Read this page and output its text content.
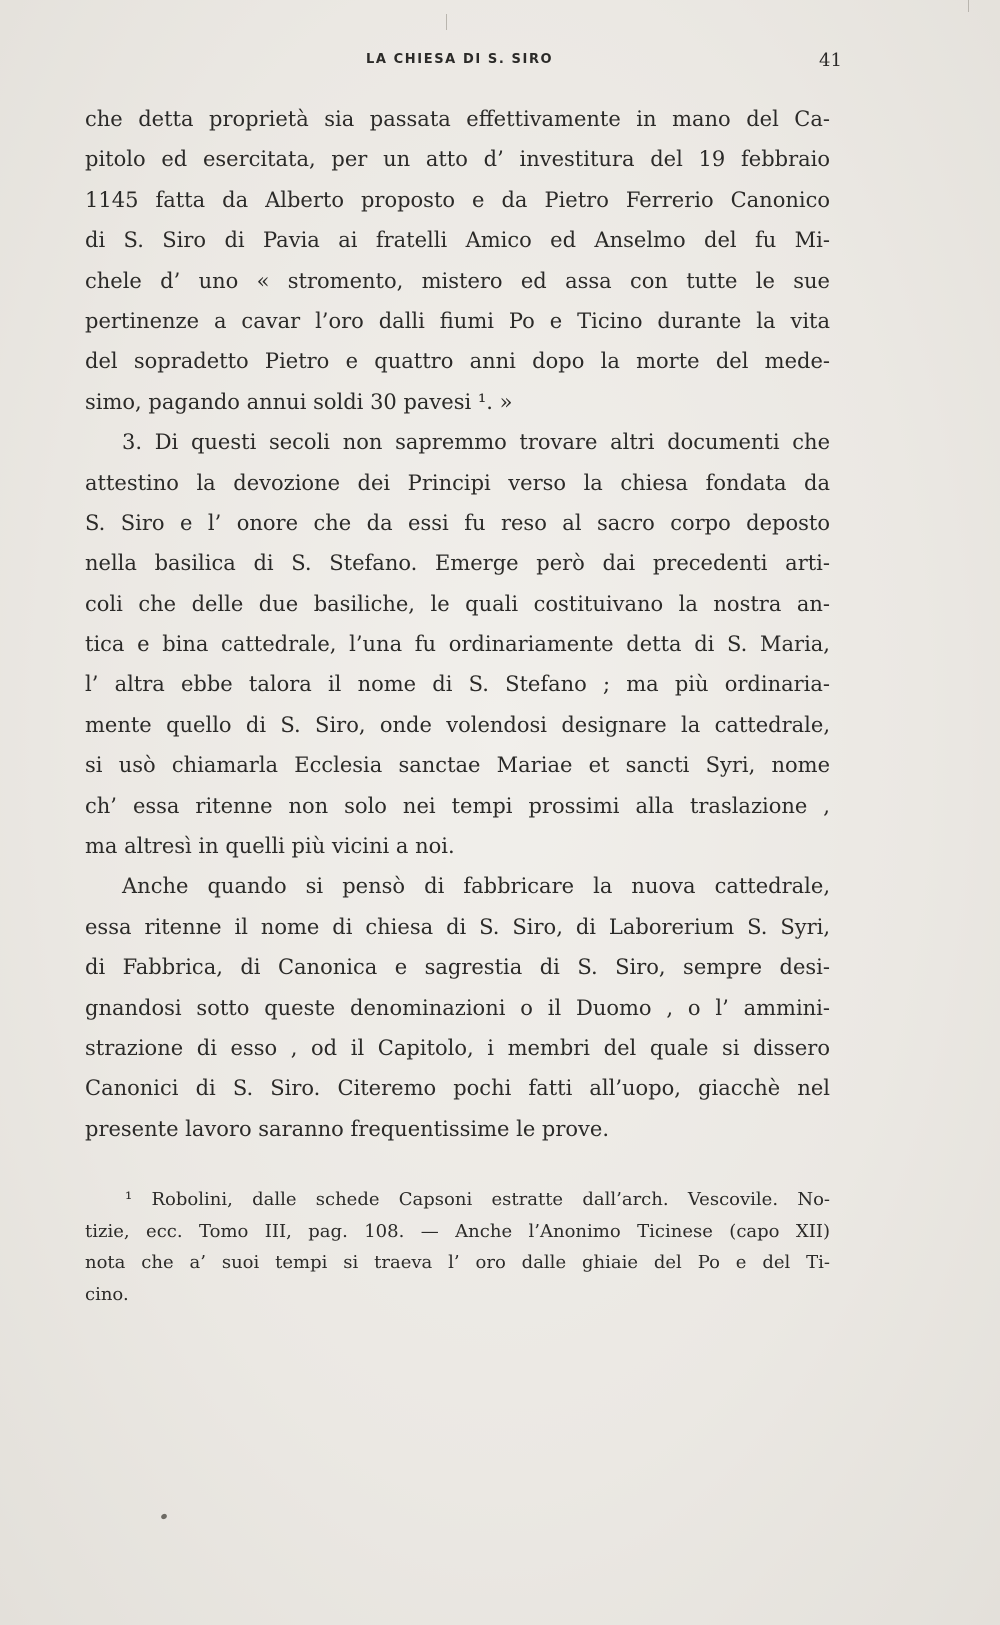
LA CHIESA DI S. SIRO	41
che detta proprietà sia passata effettivamente in mano del Ca-
pitolo ed esercitata, per un atto d’ investitura del 19 febbraio
1145 fatta da Alberto proposto e da Pietro Ferrerio Canonico
di S. Siro di Pavia ai fratelli Amico ed Anselmo del fu Mi-
chele d’ uno « stromento, mistero ed assa con tutte le sue
pertinenze a cavar l’oro dalli fiumi Po e Ticino durante la vita
del sopradetto Pietro e quattro anni dopo la morte del mede-
simo, pagando annui soldi 30 pavesi ¹. »
3. Di questi secoli non sapremmo trovare altri documenti che
attestino la devozione dei Principi verso la chiesa fondata da
S. Siro e l’ onore che da essi fu reso al sacro corpo deposto
nella basilica di S. Stefano. Emerge però dai precedenti arti-
coli che delle due basiliche, le quali costituivano la nostra an-
tica e bina cattedrale, l’una fu ordinariamente detta di S. Maria,
l’ altra ebbe talora il nome di S. Stefano ; ma più ordinaria-
mente quello di S. Siro, onde volendosi designare la cattedrale,
si usò chiamarla Ecclesia sanctae Mariae et sancti Syri, nome
ch’ essa ritenne non solo nei tempi prossimi alla traslazione ,
ma altresì in quelli più vicini a noi.
Anche quando si pensò di fabbricare la nuova cattedrale,
essa ritenne il nome di chiesa di S. Siro, di Laborerium S. Syri,
di Fabbrica, di Canonica e sagrestia di S. Siro, sempre desi-
gnandosi sotto queste denominazioni o il Duomo , o l’ ammini-
strazione di esso , od il Capitolo, i membri del quale si dissero
Canonici di S. Siro. Citeremo pochi fatti all’uopo, giacchè nel
presente lavoro saranno frequentissime le prove.
¹ Robolini, dalle schede Capsoni estratte dall’arch. Vescovile. No-
tizie, ecc. Tomo III, pag. 108. — Anche l’Anonimo Ticinese (capo XII)
nota che a’ suoi tempi si traeva l’ oro dalle ghiaie del Po e del Ti-
cino.
